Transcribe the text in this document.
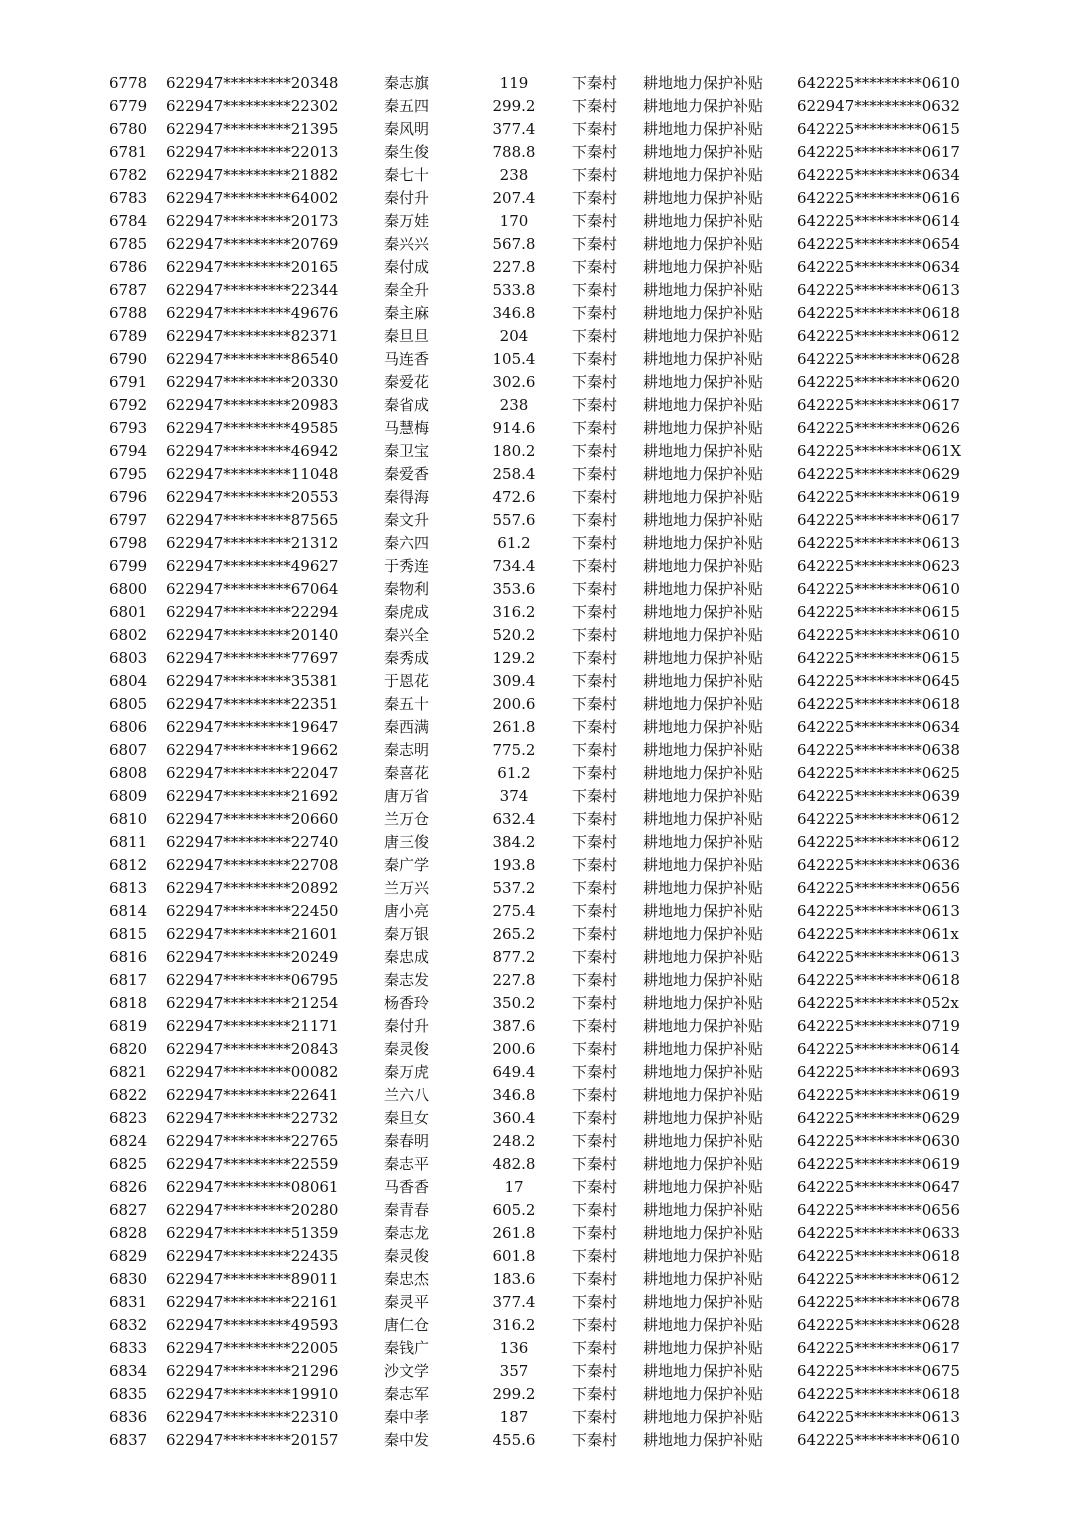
6778 622947*********20348	秦志旗	119	下秦村 耕地地力保护补贴 642225*********0610
6779 622947*********22302	秦五四	299.2	下秦村 耕地地力保护补贴 622947*********0632
6780 622947*********21395	秦风明	377.4	下秦村 耕地地力保护补贴 642225*********0615
6781 622947*********22013	秦生俊	788.8	下秦村 耕地地力保护补贴 642225*********0617
6782 622947*********21882	秦七十	238	下秦村 耕地地力保护补贴 642225*********0634
6783 622947*********64002	秦付升	207.4	下秦村 耕地地力保护补贴 642225*********0616
6784 622947*********20173	秦万娃	170	下秦村 耕地地力保护补贴 642225*********0614
6785 622947*********20769	秦兴兴	567.8	下秦村 耕地地力保护补贴 642225*********0654
6786 622947*********20165	秦付成	227.8	下秦村 耕地地力保护补贴 642225*********0634
6787 622947*********22344	秦全升	533.8	下秦村 耕地地力保护补贴 642225*********0613
6788 622947*********49676	秦主麻	346.8	下秦村 耕地地力保护补贴 642225*********0618
6789 622947*********82371	秦旦旦	204	下秦村 耕地地力保护补贴 642225*********0612
6790 622947*********86540	马连香	105.4	下秦村 耕地地力保护补贴 642225*********0628
6791 622947*********20330	秦爱花	302.6	下秦村 耕地地力保护补贴 642225*********0620
6792 622947*********20983	秦省成	238	下秦村 耕地地力保护补贴 642225*********0617
6793 622947*********49585	马慧梅	914.6	下秦村 耕地地力保护补贴 642225*********0626
6794 622947*********46942	秦卫宝	180.2	下秦村 耕地地力保护补贴 642225*********061X
6795 622947*********11048	秦爱香	258.4	下秦村 耕地地力保护补贴 642225*********0629
6796 622947*********20553	秦得海	472.6	下秦村 耕地地力保护补贴 642225*********0619
6797 622947*********87565	秦文升	557.6	下秦村 耕地地力保护补贴 642225*********0617
6798 622947*********21312	秦六四	61.2	下秦村 耕地地力保护补贴 642225*********0613
6799 622947*********49627	于秀连	734.4	下秦村 耕地地力保护补贴 642225*********0623
6800 622947*********67064	秦物利	353.6	下秦村 耕地地力保护补贴 642225*********0610
6801 622947*********22294	秦虎成	316.2	下秦村 耕地地力保护补贴 642225*********0615
6802 622947*********20140	秦兴全	520.2	下秦村 耕地地力保护补贴 642225*********0610
6803 622947*********77697	秦秀成	129.2	下秦村 耕地地力保护补贴 642225*********0615
6804 622947*********35381	于恩花	309.4	下秦村 耕地地力保护补贴 642225*********0645
6805 622947*********22351	秦五十	200.6	下秦村 耕地地力保护补贴 642225*********0618
6806 622947*********19647	秦西满	261.8	下秦村 耕地地力保护补贴 642225*********0634
6807 622947*********19662	秦志明	775.2	下秦村 耕地地力保护补贴 642225*********0638
6808 622947*********22047	秦喜花	61.2	下秦村 耕地地力保护补贴 642225*********0625
6809 622947*********21692	唐万省	374	下秦村 耕地地力保护补贴 642225*********0639
6810 622947*********20660	兰万仓	632.4	下秦村 耕地地力保护补贴 642225*********0612
6811 622947*********22740	唐三俊	384.2	下秦村 耕地地力保护补贴 642225*********0612
6812 622947*********22708	秦广学	193.8	下秦村 耕地地力保护补贴 642225*********0636
6813 622947*********20892	兰万兴	537.2	下秦村 耕地地力保护补贴 642225*********0656
6814 622947*********22450	唐小亮	275.4	下秦村 耕地地力保护补贴 642225*********0613
6815 622947*********21601	秦万银	265.2	下秦村 耕地地力保护补贴 642225*********061x
6816 622947*********20249	秦忠成	877.2	下秦村 耕地地力保护补贴 642225*********0613
6817 622947*********06795	秦志发	227.8	下秦村 耕地地力保护补贴 642225*********0618
6818 622947*********21254	杨香玲	350.2	下秦村 耕地地力保护补贴 642225*********052x
6819 622947*********21171	秦付升	387.6	下秦村 耕地地力保护补贴 642225*********0719
6820 622947*********20843	秦灵俊	200.6	下秦村 耕地地力保护补贴 642225*********0614
6821 622947*********00082	秦万虎	649.4	下秦村 耕地地力保护补贴 642225*********0693
6822 622947*********22641	兰六八	346.8	下秦村 耕地地力保护补贴 642225*********0619
6823 622947*********22732	秦旦女	360.4	下秦村 耕地地力保护补贴 642225*********0629
6824 622947*********22765	秦春明	248.2	下秦村 耕地地力保护补贴 642225*********0630
6825 622947*********22559	秦志平	482.8	下秦村 耕地地力保护补贴 642225*********0619
6826 622947*********08061	马香香	17	下秦村 耕地地力保护补贴 642225*********0647
6827 622947*********20280	秦青春	605.2	下秦村 耕地地力保护补贴 642225*********0656
6828 622947*********51359	秦志龙	261.8	下秦村 耕地地力保护补贴 642225*********0633
6829 622947*********22435	秦灵俊	601.8	下秦村 耕地地力保护补贴 642225*********0618
6830 622947*********89011	秦忠杰	183.6	下秦村 耕地地力保护补贴 642225*********0612
6831 622947*********22161	秦灵平	377.4	下秦村 耕地地力保护补贴 642225*********0678
6832 622947*********49593	唐仁仓	316.2	下秦村 耕地地力保护补贴 642225*********0628
6833 622947*********22005	秦钱广	136	下秦村 耕地地力保护补贴 642225*********0617
6834 622947*********21296	沙文学	357	下秦村 耕地地力保护补贴 642225*********0675
6835 622947*********19910	秦志军	299.2	下秦村 耕地地力保护补贴 642225*********0618
6836 622947*********22310	秦中孝	187	下秦村 耕地地力保护补贴 642225*********0613
6837 622947*********20157	秦中发	455.6	下秦村 耕地地力保护补贴 642225*********0610
